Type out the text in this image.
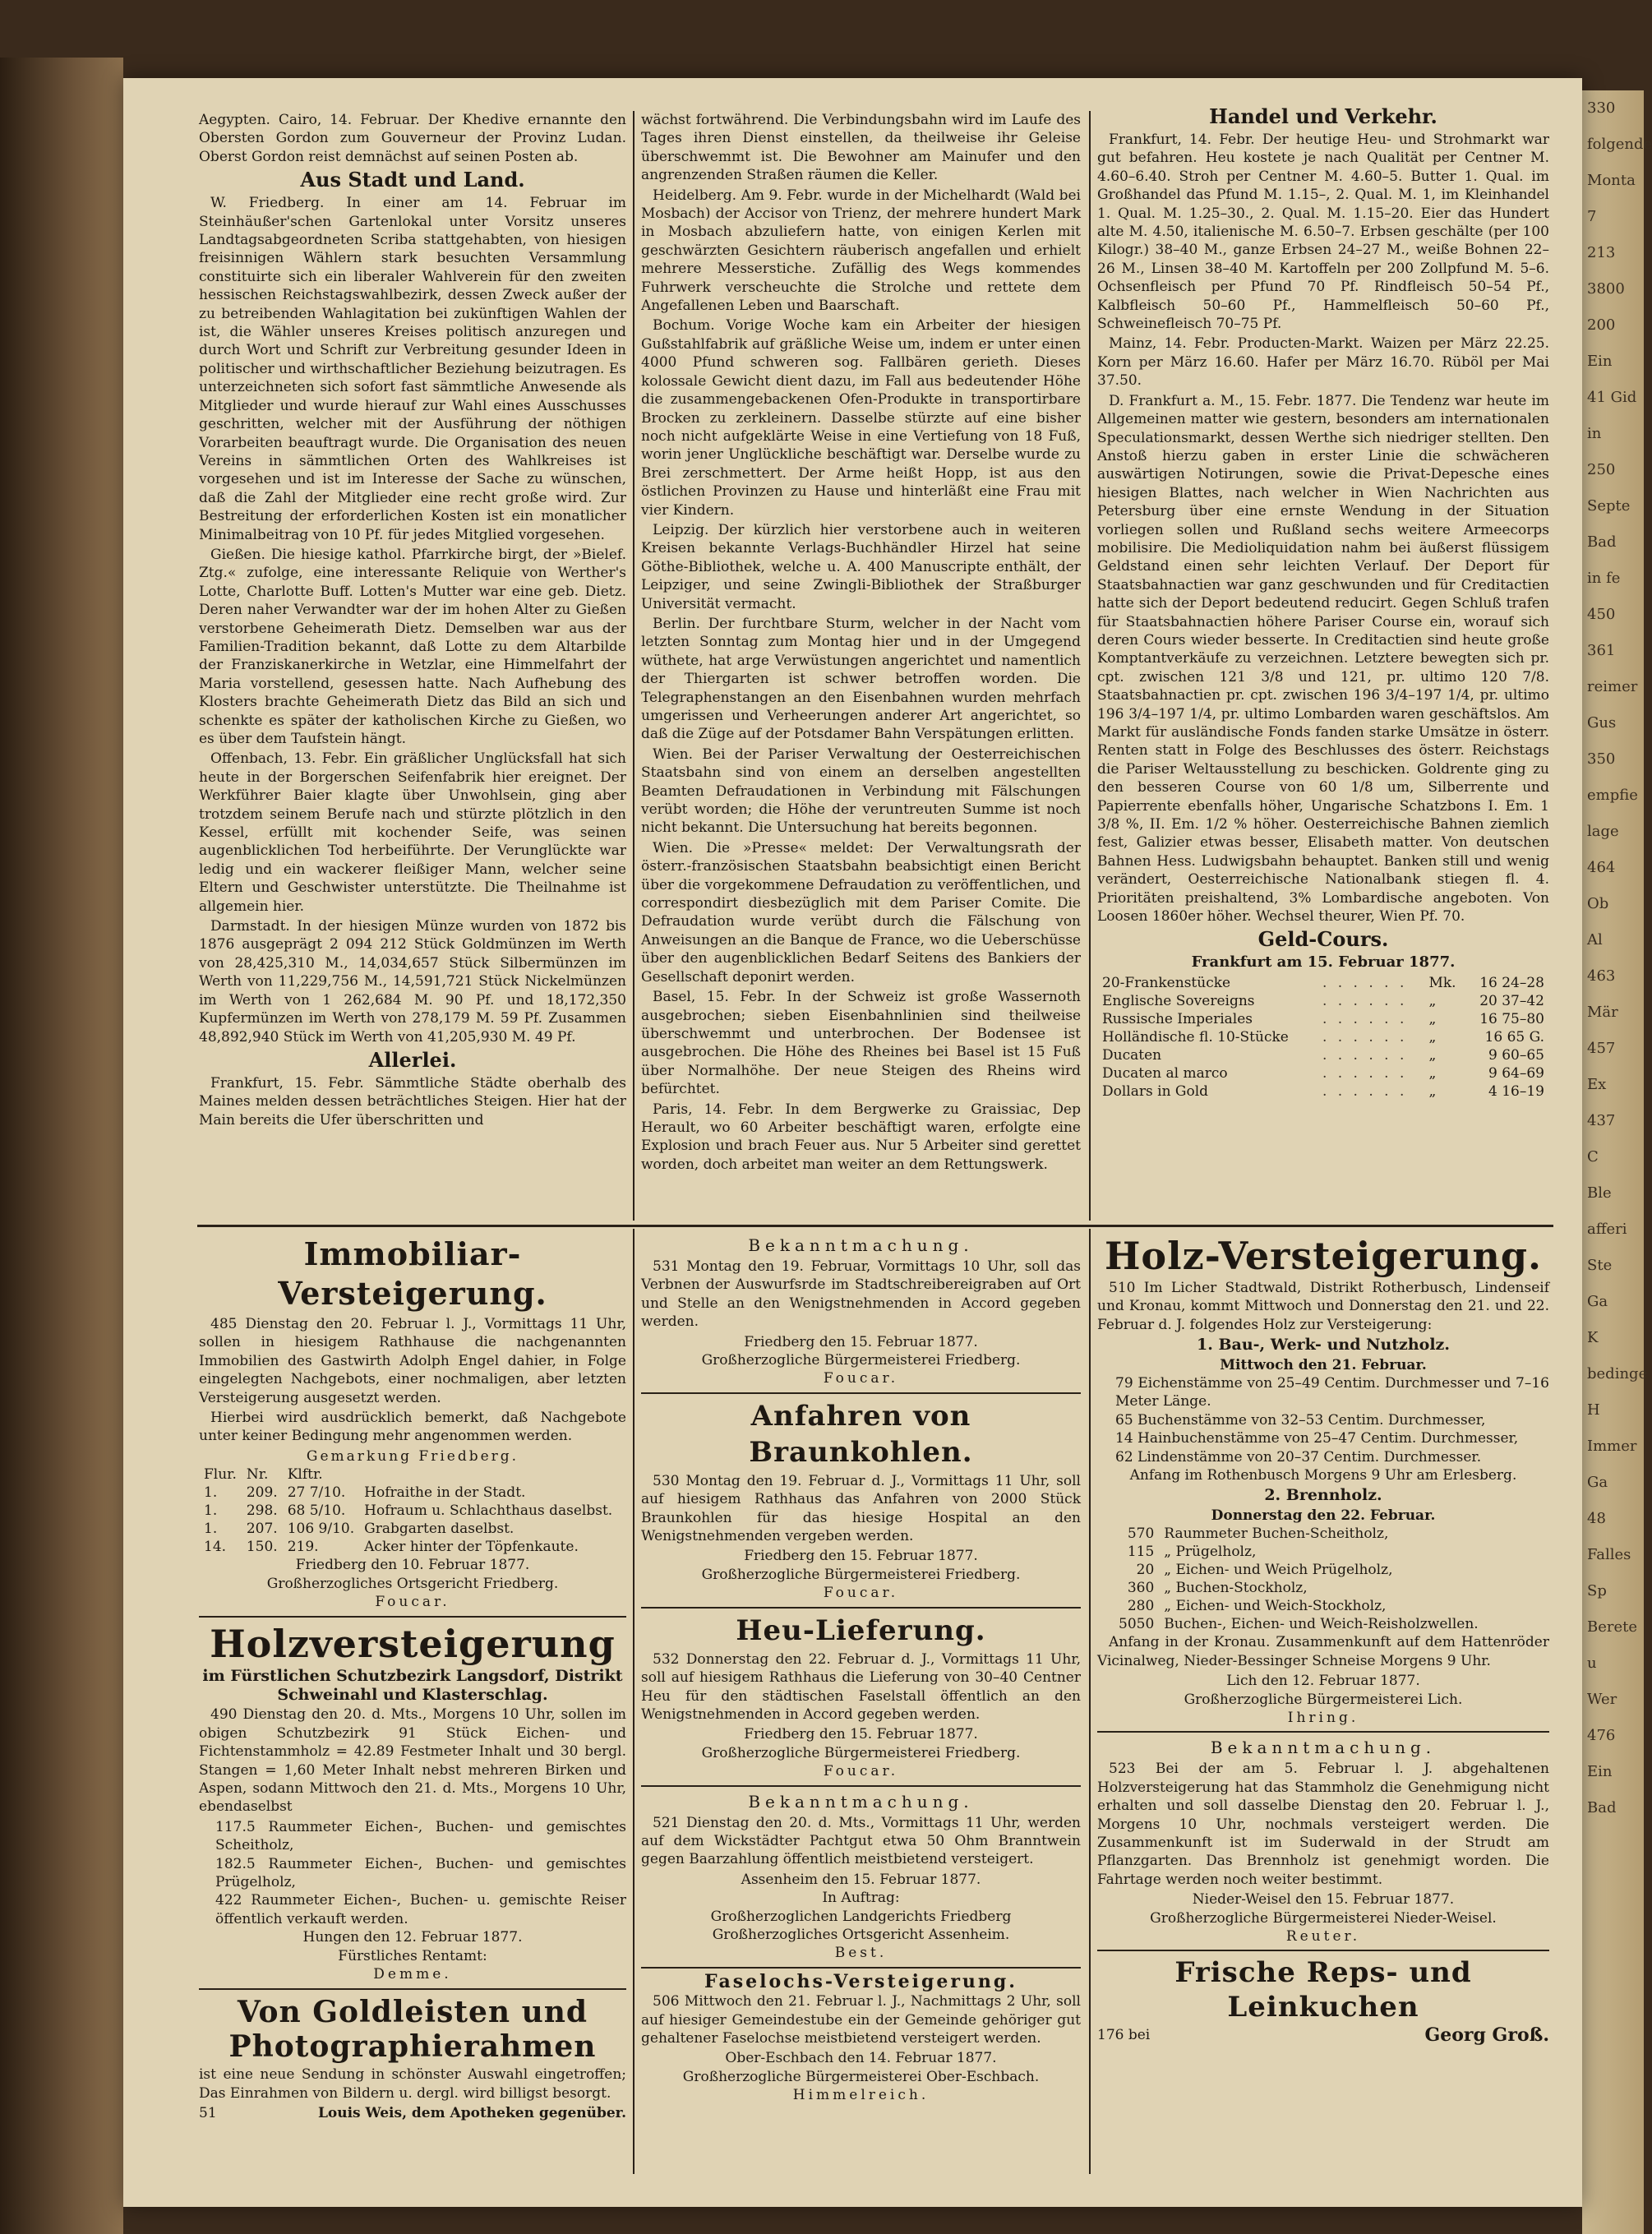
330
folgende
Monta
7
213
3800
200
Ein
41 Gid
in
250
Septe
Bad
in fe
450
361
reimer
Gus
350
empfie
lage
464
Ob
Al
463
Mär
457
Ex
437
C
Ble
afferi
Ste
Ga
K
bedinge
H
Immer
Ga
48
Falles
Sp
Berete
u
Wer
476
Ein
Bad

Aegypten. Cairo, 14. Februar. Der Khedive ernannte den Obersten Gordon zum Gouverneur der Provinz Ludan. Oberst Gordon reist demnächst auf seinen Posten ab.

Aus Stadt und Land.

W. Friedberg. In einer am 14. Februar im Steinhäußer'schen Gartenlokal unter Vorsitz unseres Landtagsabgeordneten Scriba stattgehabten, von hiesigen freisinnigen Wählern stark besuchten Versammlung constituirte sich ein liberaler Wahlverein für den zweiten hessischen Reichstagswahlbezirk, dessen Zweck außer der zu betreibenden Wahlagitation bei zukünftigen Wahlen der ist, die Wähler unseres Kreises politisch anzuregen und durch Wort und Schrift zur Verbreitung gesunder Ideen in politischer und wirthschaftlicher Beziehung beizutragen. Es unterzeichneten sich sofort fast sämmtliche Anwesende als Mitglieder und wurde hierauf zur Wahl eines Ausschusses geschritten, welcher mit der Ausführung der nöthigen Vorarbeiten beauftragt wurde. Die Organisation des neuen Vereins in sämmtlichen Orten des Wahlkreises ist vorgesehen und ist im Interesse der Sache zu wünschen, daß die Zahl der Mitglieder eine recht große wird. Zur Bestreitung der erforderlichen Kosten ist ein monatlicher Minimalbeitrag von 10 Pf. für jedes Mitglied vorgesehen.

Gießen. Die hiesige kathol. Pfarrkirche birgt, der »Bielef. Ztg.« zufolge, eine interessante Reliquie von Werther's Lotte, Charlotte Buff. Lotten's Mutter war eine geb. Dietz. Deren naher Verwandter war der im hohen Alter zu Gießen verstorbene Geheimerath Dietz. Demselben war aus der Familien-Tradition bekannt, daß Lotte zu dem Altarbilde der Franziskanerkirche in Wetzlar, eine Himmelfahrt der Maria vorstellend, gesessen hatte. Nach Aufhebung des Klosters brachte Geheimerath Dietz das Bild an sich und schenkte es später der katholischen Kirche zu Gießen, wo es über dem Taufstein hängt.

Offenbach, 13. Febr. Ein gräßlicher Unglücksfall hat sich heute in der Borgerschen Seifenfabrik hier ereignet. Der Werkführer Baier klagte über Unwohlsein, ging aber trotzdem seinem Berufe nach und stürzte plötzlich in den Kessel, erfüllt mit kochender Seife, was seinen augenblicklichen Tod herbeiführte. Der Verunglückte war ledig und ein wackerer fleißiger Mann, welcher seine Eltern und Geschwister unterstützte. Die Theilnahme ist allgemein hier.

Darmstadt. In der hiesigen Münze wurden von 1872 bis 1876 ausgeprägt 2 094 212 Stück Goldmünzen im Werth von 28,425,310 M., 14,034,657 Stück Silbermünzen im Werth von 11,229,756 M., 14,591,721 Stück Nickelmünzen im Werth von 1 262,684 M. 90 Pf. und 18,172,350 Kupfermünzen im Werth von 278,179 M. 59 Pf. Zusammen 48,892,940 Stück im Werth von 41,205,930 M. 49 Pf.

Allerlei.

Frankfurt, 15. Febr. Sämmtliche Städte oberhalb des Maines melden dessen beträchtliches Steigen. Hier hat der Main bereits die Ufer überschritten und

wächst fortwährend. Die Verbindungsbahn wird im Laufe des Tages ihren Dienst einstellen, da theilweise ihr Geleise überschwemmt ist. Die Bewohner am Mainufer und den angrenzenden Straßen räumen die Keller.

Heidelberg. Am 9. Febr. wurde in der Michelhardt (Wald bei Mosbach) der Accisor von Trienz, der mehrere hundert Mark in Mosbach abzuliefern hatte, von einigen Kerlen mit geschwärzten Gesichtern räuberisch angefallen und erhielt mehrere Messerstiche. Zufällig des Wegs kommendes Fuhrwerk verscheuchte die Strolche und rettete dem Angefallenen Leben und Baarschaft.

Bochum. Vorige Woche kam ein Arbeiter der hiesigen Gußstahlfabrik auf gräßliche Weise um, indem er unter einen 4000 Pfund schweren sog. Fallbären gerieth. Dieses kolossale Gewicht dient dazu, im Fall aus bedeutender Höhe die zusammengebackenen Ofen-Produkte in transportirbare Brocken zu zerkleinern. Dasselbe stürzte auf eine bisher noch nicht aufgeklärte Weise in eine Vertiefung von 18 Fuß, worin jener Unglückliche beschäftigt war. Derselbe wurde zu Brei zerschmettert. Der Arme heißt Hopp, ist aus den östlichen Provinzen zu Hause und hinterläßt eine Frau mit vier Kindern.

Leipzig. Der kürzlich hier verstorbene auch in weiteren Kreisen bekannte Verlags-Buchhändler Hirzel hat seine Göthe-Bibliothek, welche u. A. 400 Manuscripte enthält, der Leipziger, und seine Zwingli-Bibliothek der Straßburger Universität vermacht.

Berlin. Der furchtbare Sturm, welcher in der Nacht vom letzten Sonntag zum Montag hier und in der Umgegend wüthete, hat arge Verwüstungen angerichtet und namentlich der Thiergarten ist schwer betroffen worden. Die Telegraphenstangen an den Eisenbahnen wurden mehrfach umgerissen und Verheerungen anderer Art angerichtet, so daß die Züge auf der Potsdamer Bahn Verspätungen erlitten.

Wien. Bei der Pariser Verwaltung der Oesterreichischen Staatsbahn sind von einem an derselben angestellten Beamten Defraudationen in Verbindung mit Fälschungen verübt worden; die Höhe der veruntreuten Summe ist noch nicht bekannt. Die Untersuchung hat bereits begonnen.

Wien. Die »Presse« meldet: Der Verwaltungsrath der österr.-französischen Staatsbahn beabsichtigt einen Bericht über die vorgekommene Defraudation zu veröffentlichen, und correspondirt diesbezüglich mit dem Pariser Comite. Die Defraudation wurde verübt durch die Fälschung von Anweisungen an die Banque de France, wo die Ueberschüsse über den augenblicklichen Bedarf Seitens des Bankiers der Gesellschaft deponirt werden.

Basel, 15. Febr. In der Schweiz ist große Wassernoth ausgebrochen; sieben Eisenbahnlinien sind theilweise überschwemmt und unterbrochen. Der Bodensee ist ausgebrochen. Die Höhe des Rheines bei Basel ist 15 Fuß über Normalhöhe. Der neue Steigen des Rheins wird befürchtet.

Paris, 14. Febr. In dem Bergwerke zu Graissiac, Dep Herault, wo 60 Arbeiter beschäftigt waren, erfolgte eine Explosion und brach Feuer aus. Nur 5 Arbeiter sind gerettet worden, doch arbeitet man weiter an dem Rettungswerk.

Handel und Verkehr.

Frankfurt, 14. Febr. Der heutige Heu- und Strohmarkt war gut befahren. Heu kostete je nach Qualität per Centner M. 4.60–6.40. Stroh per Centner M. 4.60–5. Butter 1. Qual. im Großhandel das Pfund M. 1.15–, 2. Qual. M. 1, im Kleinhandel 1. Qual. M. 1.25–30., 2. Qual. M. 1.15–20. Eier das Hundert alte M. 4.50, italienische M. 6.50–7. Erbsen geschälte (per 100 Kilogr.) 38–40 M., ganze Erbsen 24–27 M., weiße Bohnen 22–26 M., Linsen 38–40 M. Kartoffeln per 200 Zollpfund M. 5–6. Ochsenfleisch per Pfund 70 Pf. Rindfleisch 50–54 Pf., Kalbfleisch 50–60 Pf., Hammelfleisch 50–60 Pf., Schweinefleisch 70–75 Pf.

Mainz, 14. Febr. Producten-Markt. Waizen per März 22.25. Korn per März 16.60. Hafer per März 16.70. Rüböl per Mai 37.50.

D. Frankfurt a. M., 15. Febr. 1877. Die Tendenz war heute im Allgemeinen matter wie gestern, besonders am internationalen Speculationsmarkt, dessen Werthe sich niedriger stellten. Den Anstoß hierzu gaben in erster Linie die schwächeren auswärtigen Notirungen, sowie die Privat-Depesche eines hiesigen Blattes, nach welcher in Wien Nachrichten aus Petersburg über eine ernste Wendung in der Situation vorliegen sollen und Rußland sechs weitere Armeecorps mobilisire. Die Medioliquidation nahm bei äußerst flüssigem Geldstand einen sehr leichten Verlauf. Der Deport für Staatsbahnactien war ganz geschwunden und für Creditactien hatte sich der Deport bedeutend reducirt. Gegen Schluß trafen für Staatsbahnactien höhere Pariser Course ein, worauf sich deren Cours wieder besserte. In Creditactien sind heute große Komptantverkäufe zu verzeichnen. Letztere bewegten sich pr. cpt. zwischen 121 3/8 und 121, pr. ultimo 120 7/8. Staatsbahnactien pr. cpt. zwischen 196 3/4–197 1/4, pr. ultimo 196 3/4–197 1/4, pr. ultimo Lombarden waren geschäftslos. Am Markt für ausländische Fonds fanden starke Umsätze in österr. Renten statt in Folge des Beschlusses des österr. Reichstags die Pariser Weltausstellung zu beschicken. Goldrente ging zu den besseren Course von 60 1/8 um, Silberrente und Papierrente ebenfalls höher, Ungarische Schatzbons I. Em. 1 3/8 %, II. Em. 1/2 % höher. Oesterreichische Bahnen ziemlich fest, Galizier etwas besser, Elisabeth matter. Von deutschen Bahnen Hess. Ludwigsbahn behauptet. Banken still und wenig verändert, Oesterreichische Nationalbank stiegen fl. 4. Prioritäten preishaltend, 3% Lombardische angeboten. Von Loosen 1860er höher. Wechsel theurer, Wien Pf. 70.

Geld-Cours.
Frankfurt am 15. Februar 1877.
20-Frankenstücke	. . . . . .	Mk.	16 24–28
Englische Sovereigns	. . . . . .	„	20 37–42
Russische Imperiales	. . . . . .	„	16 75–80
Holländische fl. 10-Stücke	. . . . . .	„	16 65 G.
Ducaten	. . . . . .	„	9 60–65
Ducaten al marco	. . . . . .	„	9 64–69
Dollars in Gold	. . . . . .	„	4 16–19
Immobiliar-Versteigerung.

485 Dienstag den 20. Februar l. J., Vormittags 11 Uhr, sollen in hiesigem Rathhause die nachgenannten Immobilien des Gastwirth Adolph Engel dahier, in Folge eingelegten Nachgebots, einer nochmaligen, aber letzten Versteigerung ausgesetzt werden.

Hierbei wird ausdrücklich bemerkt, daß Nachgebote unter keiner Bedingung mehr angenommen werden.

Gemarkung Friedberg.
Flur.	Nr.	Klftr.	
1.	209.	27 7/10.	Hofraithe in der Stadt.
1.	298.	68 5/10.	Hofraum u. Schlachthaus daselbst.
1.	207.	106 9/10.	Grabgarten daselbst.
14.	150.	219.	Acker hinter der Töpfenkaute.
Friedberg den 10. Februar 1877.
Großherzogliches Ortsgericht Friedberg.
Foucar.
Holzversteigerung
im Fürstlichen Schutzbezirk Langsdorf, Distrikt Schweinahl und Klasterschlag.

490 Dienstag den 20. d. Mts., Morgens 10 Uhr, sollen im obigen Schutzbezirk 91 Stück Eichen- und Fichtenstammholz = 42.89 Festmeter Inhalt und 30 bergl. Stangen = 1,60 Meter Inhalt nebst mehreren Birken und Aspen, sodann Mittwoch den 21. d. Mts., Morgens 10 Uhr, ebendaselbst

117.5 Raummeter Eichen-, Buchen- und gemischtes Scheitholz,
182.5 Raummeter Eichen-, Buchen- und gemischtes Prügelholz,
422 Raummeter Eichen-, Buchen- u. gemischte Reiser öffentlich verkauft werden.
Hungen den 12. Februar 1877.
Fürstliches Rentamt:
Demme.
Von Goldleisten und Photographierahmen

ist eine neue Sendung in schönster Auswahl eingetroffen; Das Einrahmen von Bildern u. dergl. wird billigst besorgt.

51	Louis Weis, dem Apotheken gegenüber.
Bekanntmachung.

531 Montag den 19. Februar, Vormittags 10 Uhr, soll das Verbnen der Auswurfsrde im Stadtschreibereigraben auf Ort und Stelle an den Wenigstnehmenden in Accord gegeben werden.

Friedberg den 15. Februar 1877.
Großherzogliche Bürgermeisterei Friedberg.
Foucar.
Anfahren von Braunkohlen.

530 Montag den 19. Februar d. J., Vormittags 11 Uhr, soll auf hiesigem Rathhaus das Anfahren von 2000 Stück Braunkohlen für das hiesige Hospital an den Wenigstnehmenden vergeben werden.

Friedberg den 15. Februar 1877.
Großherzogliche Bürgermeisterei Friedberg.
Foucar.
Heu-Lieferung.

532 Donnerstag den 22. Februar d. J., Vormittags 11 Uhr, soll auf hiesigem Rathhaus die Lieferung von 30–40 Centner Heu für den städtischen Faselstall öffentlich an den Wenigstnehmenden in Accord gegeben werden.

Friedberg den 15. Februar 1877.
Großherzogliche Bürgermeisterei Friedberg.
Foucar.
Bekanntmachung.

521 Dienstag den 20. d. Mts., Vormittags 11 Uhr, werden auf dem Wickstädter Pachtgut etwa 50 Ohm Branntwein gegen Baarzahlung öffentlich meistbietend versteigert.

Assenheim den 15. Februar 1877.
In Auftrag:
Großherzoglichen Landgerichts Friedberg
Großherzogliches Ortsgericht Assenheim.
Best.
Faselochs-Versteigerung.

506 Mittwoch den 21. Februar l. J., Nachmittags 2 Uhr, soll auf hiesiger Gemeindestube ein der Gemeinde gehöriger gut gehaltener Faselochse meistbietend versteigert werden.

Ober-Eschbach den 14. Februar 1877.
Großherzogliche Bürgermeisterei Ober-Eschbach.
Himmelreich.
Holz-Versteigerung.

510 Im Licher Stadtwald, Distrikt Rotherbusch, Lindenseif und Kronau, kommt Mittwoch und Donnerstag den 21. und 22. Februar d. J. folgendes Holz zur Versteigerung:

1. Bau-, Werk- und Nutzholz.
Mittwoch den 21. Februar.
79 Eichenstämme von 25–49 Centim. Durchmesser und 7–16 Meter Länge.
65 Buchenstämme von 32–53 Centim. Durchmesser,
14 Hainbuchenstämme von 25–47 Centim. Durchmesser,
62 Lindenstämme von 20–37 Centim. Durchmesser.
Anfang im Rothenbusch Morgens 9 Uhr am Erlesberg.
2. Brennholz.
Donnerstag den 22. Februar.
570	Raummeter Buchen-Scheitholz,
115	„ Prügelholz,
20	„ Eichen- und Weich Prügelholz,
360	„ Buchen-Stockholz,
280	„ Eichen- und Weich-Stockholz,
5050	Buchen-, Eichen- und Weich-Reisholzwellen.

Anfang in der Kronau. Zusammenkunft auf dem Hattenröder Vicinalweg, Nieder-Bessinger Schneise Morgens 9 Uhr.

Lich den 12. Februar 1877.
Großherzogliche Bürgermeisterei Lich.
Ihring.
Bekanntmachung.

523 Bei der am 5. Februar l. J. abgehaltenen Holzversteigerung hat das Stammholz die Genehmigung nicht erhalten und soll dasselbe Dienstag den 20. Februar l. J., Morgens 10 Uhr, nochmals versteigert werden. Die Zusammenkunft ist im Suderwald in der Strudt am Pflanzgarten. Das Brennholz ist genehmigt worden. Die Fahrtage werden noch weiter bestimmt.

Nieder-Weisel den 15. Februar 1877.
Großherzogliche Bürgermeisterei Nieder-Weisel.
Reuter.
Frische Reps- und Leinkuchen
176 bei	Georg Groß.
